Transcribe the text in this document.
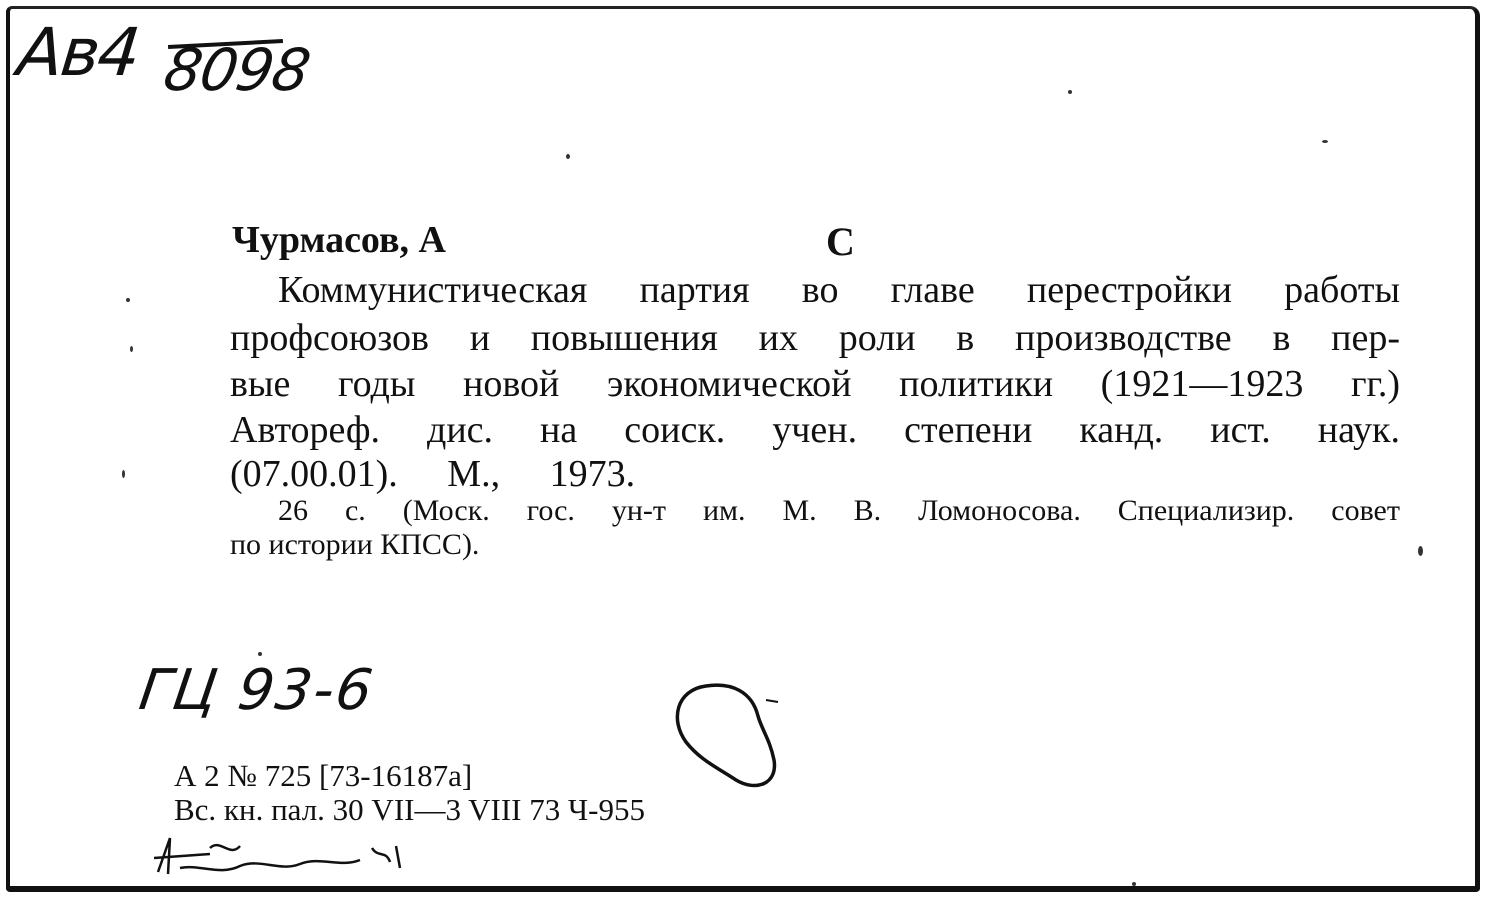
Ав4 8098
Чурмасов, А	С
Коммунистическая партия во главе перестройки работы
профсоюзов и повышения их роли в производстве в пер-
вые годы новой экономической политики (1921—1923 гг.)
Автореф. дис. на соиск. учен. степени канд. ист. наук.
(07.00.01). М., 1973.
26 с. (Моск. гос. ун-т им. М. В. Ломоносова. Специализир. совет
по истории КПСС).
ГЦ 93-6
А 2 № 725 [73-16187а]
Вс. кн. пал. 30 VII—3 VIII 73 Ч-955
